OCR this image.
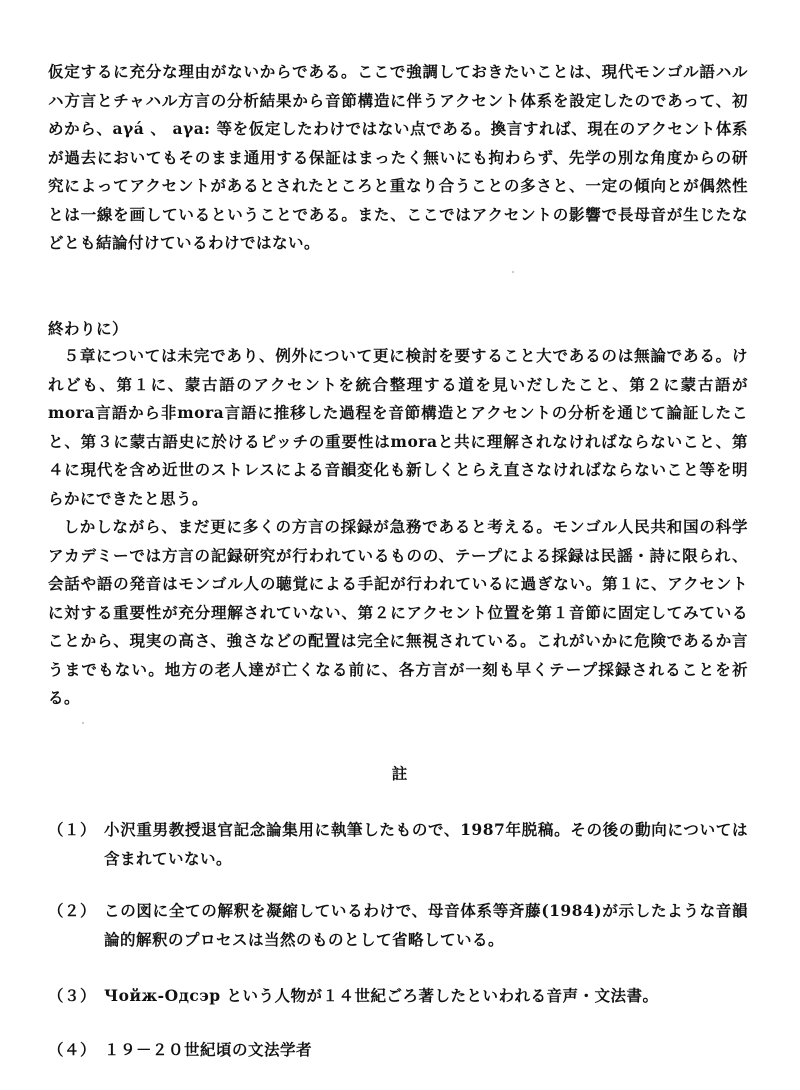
仮定するに充分な理由がないからである。ここで強調しておきたいことは、現代モンゴル語ハルハ方言とチャハル方言の分析結果から音節構造に伴うアクセント体系を設定したのであって、初めから、aγá 、 aγa: 等を仮定したわけではない点である。換言すれば、現在のアクセント体系が過去においてもそのまま通用する保証はまったく無いにも拘わらず、先学の別な角度からの研究によってアクセントがあるとされたところと重なり合うことの多さと、一定の傾向とが偶然性とは一線を画しているということである。また、ここではアクセントの影響で長母音が生じたなどとも結論付けているわけではない。

終わりに）

５章については未完であり、例外について更に検討を要すること大であるのは無論である。けれども、第１に、蒙古語のアクセントを統合整理する道を見いだしたこと、第２に蒙古語がmora言語から非mora言語に推移した過程を音節構造とアクセントの分析を通じて論証したこと、第３に蒙古語史に於けるピッチの重要性はmoraと共に理解されなければならないこと、第４に現代を含め近世のストレスによる音韻変化も新しくとらえ直さなければならないこと等を明らかにできたと思う。

しかしながら、まだ更に多くの方言の採録が急務であると考える。モンゴル人民共和国の科学アカデミーでは方言の記録研究が行われているものの、テープによる採録は民謡・詩に限られ、会話や語の発音はモンゴル人の聴覚による手記が行われているに過ぎない。第１に、アクセントに対する重要性が充分理解されていない、第２にアクセント位置を第１音節に固定してみていることから、現実の高さ、強さなどの配置は完全に無視されている。これがいかに危険であるか言うまでもない。地方の老人達が亡くなる前に、各方言が一刻も早くテープ採録されることを祈る。

註
（１） 小沢重男教授退官記念論集用に執筆したもので、1987年脱稿。その後の動向については含まれていない。
（２） この図に全ての解釈を凝縮しているわけで、母音体系等斉藤(1984)が示したような音韻論的解釈のプロセスは当然のものとして省略している。
（３） Чойж-Одсэр という人物が１４世紀ごろ著したといわれる音声・文法書。
（４） １９－２０世紀頃の文法学者
